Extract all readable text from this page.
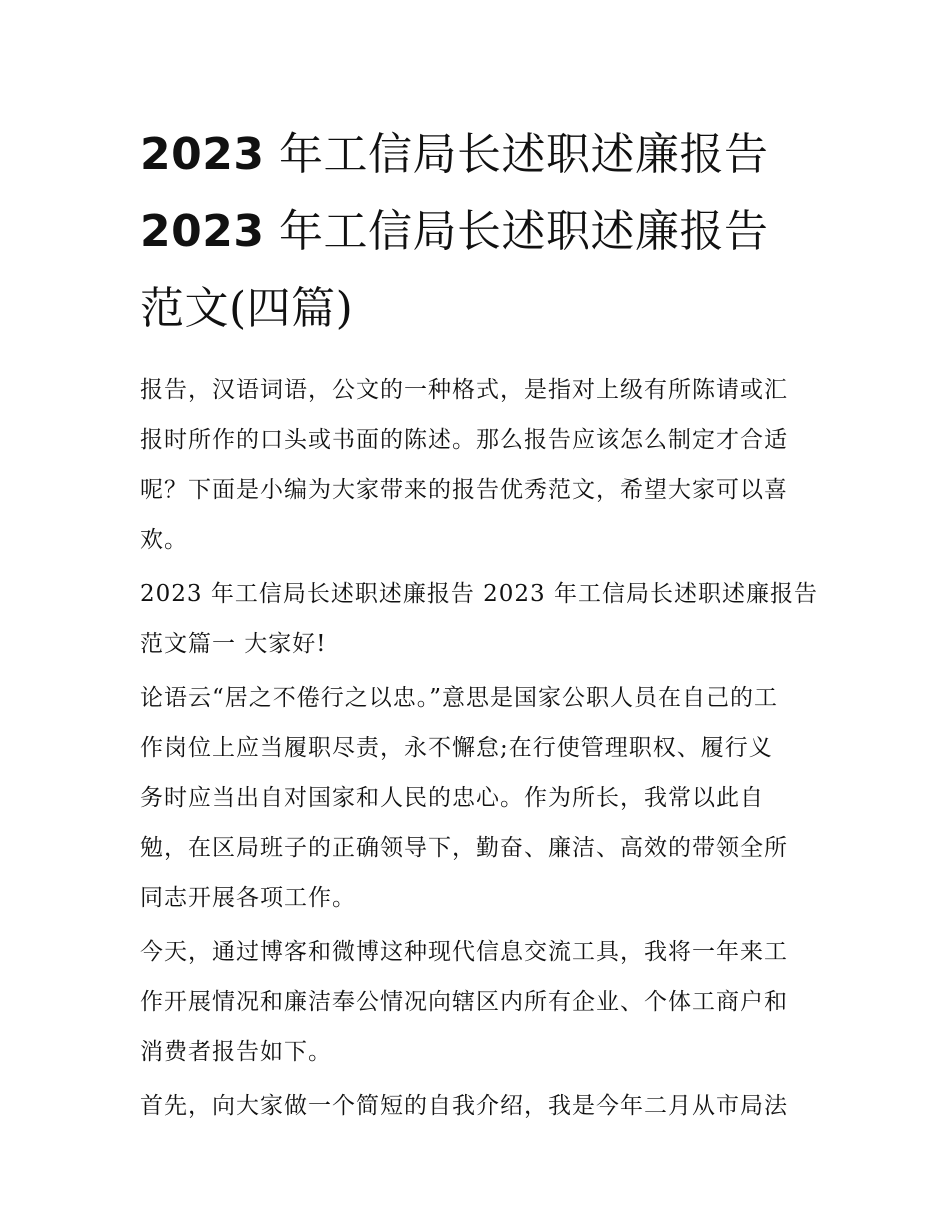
2023 年工信局长述职述廉报告
2023 年工信局长述职述廉报告
范文(四篇)

报告，汉语词语，公文的一种格式，是指对上级有所陈请或汇
报时所作的口头或书面的陈述。那么报告应该怎么制定才合适
呢？下面是小编为大家带来的报告优秀范文，希望大家可以喜
欢。

2023 年工信局长述职述廉报告 2023 年工信局长述职述廉报告
范文篇一 大家好!

论语云“居之不倦行之以忠。”意思是国家公职人员在自己的工
作岗位上应当履职尽责，永不懈怠;在行使管理职权、履行义
务时应当出自对国家和人民的忠心。作为所长，我常以此自
勉，在区局班子的正确领导下，勤奋、廉洁、高效的带领全所
同志开展各项工作。

今天，通过博客和微博这种现代信息交流工具，我将一年来工
作开展情况和廉洁奉公情况向辖区内所有企业、个体工商户和
消费者报告如下。

首先，向大家做一个简短的自我介绍，我是今年二月从市局法
